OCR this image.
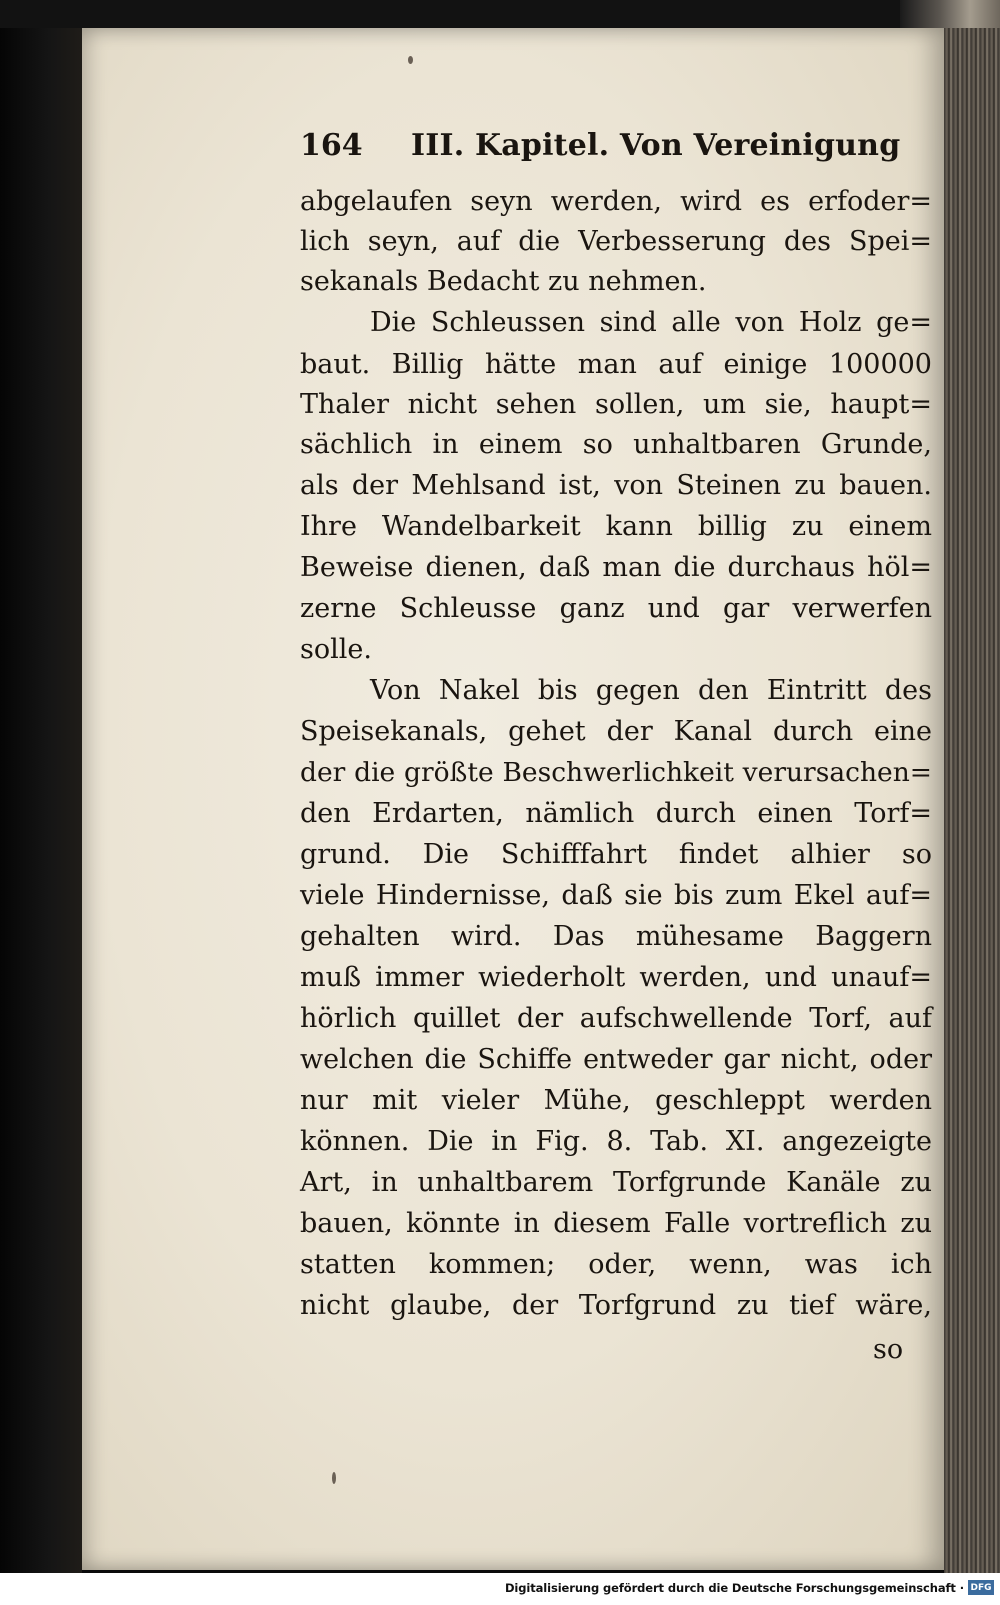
164 III. Kapitel. Von Vereinigung
abgelaufen seyn werden, wird es erfoder=
lich seyn, auf die Verbesserung des Spei=
sekanals Bedacht zu nehmen.
Die Schleussen sind alle von Holz ge=
baut. Billig hätte man auf einige 100000
Thaler nicht sehen sollen, um sie, haupt=
sächlich in einem so unhaltbaren Grunde,
als der Mehlsand ist, von Steinen zu bauen.
Ihre Wandelbarkeit kann billig zu einem
Beweise dienen, daß man die durchaus höl=
zerne Schleusse ganz und gar verwerfen
solle.
Von Nakel bis gegen den Eintritt des
Speisekanals, gehet der Kanal durch eine
der die größte Beschwerlichkeit verursachen=
den Erdarten, nämlich durch einen Torf=
grund. Die Schifffahrt findet alhier so
viele Hindernisse, daß sie bis zum Ekel auf=
gehalten wird. Das mühesame Baggern
muß immer wiederholt werden, und unauf=
hörlich quillet der aufschwellende Torf, auf
welchen die Schiffe entweder gar nicht, oder
nur mit vieler Mühe, geschleppt werden
können. Die in Fig. 8. Tab. XI. angezeigte
Art, in unhaltbarem Torfgrunde Kanäle zu
bauen, könnte in diesem Falle vortreflich zu
statten kommen; oder, wenn, was ich
nicht glaube, der Torfgrund zu tief wäre,
so
Digitalisierung gefördert durch die Deutsche Forschungsgemeinschaft · DFG
